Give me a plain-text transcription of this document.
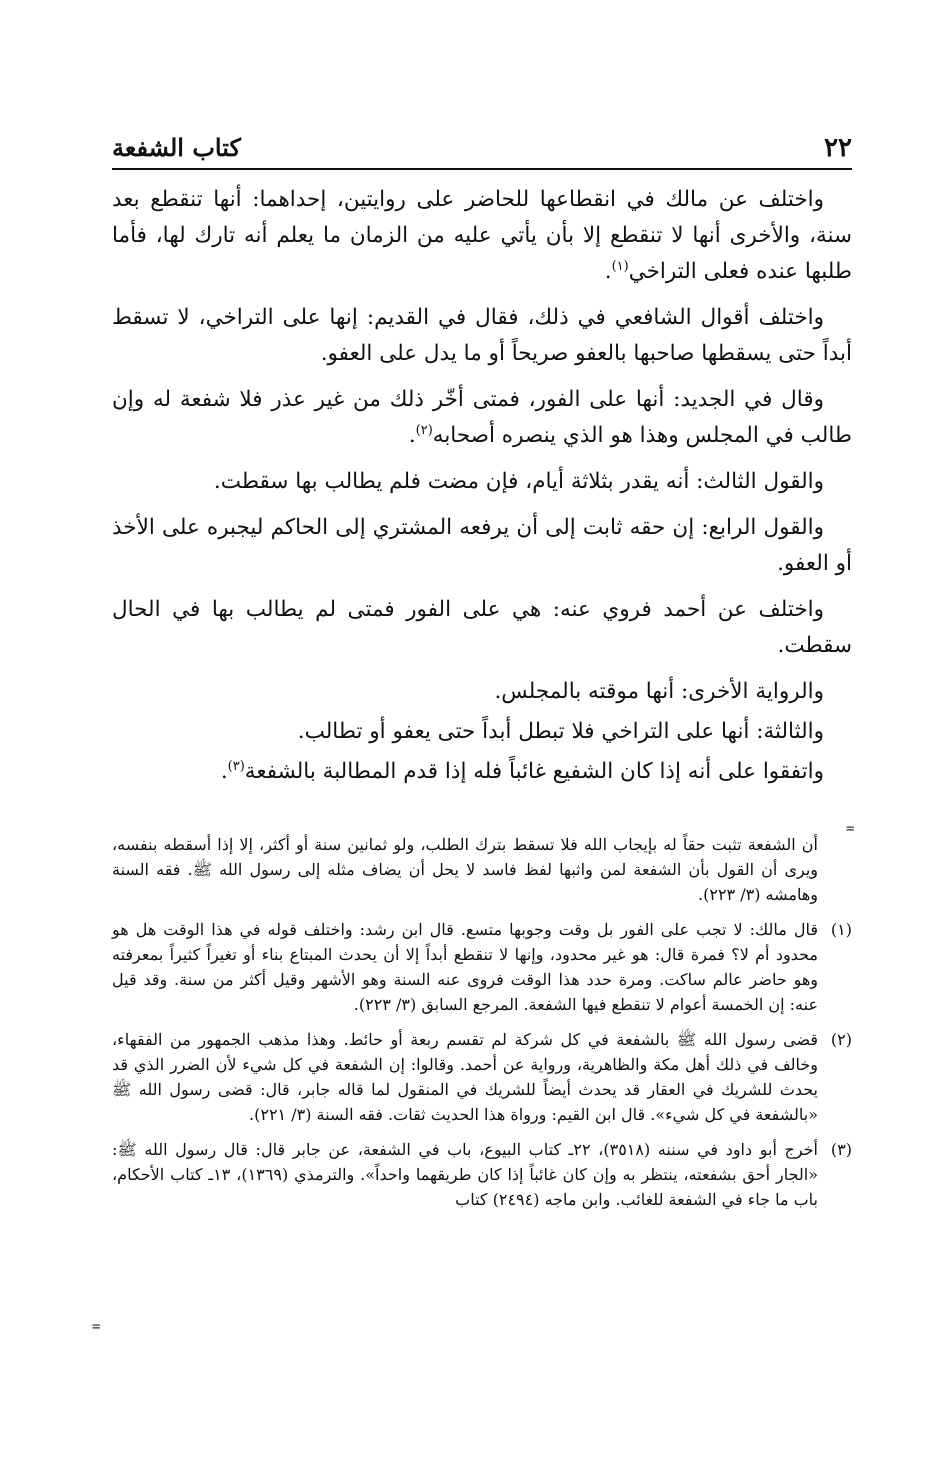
٢٢
كتاب الشفعة

واختلف عن مالك في انقطاعها للحاضر على روايتين، إحداهما: أنها تنقطع بعد سنة، والأخرى أنها لا تنقطع إلا بأن يأتي عليه من الزمان ما يعلم أنه تارك لها، فأما طلبها عنده فعلى التراخي$^{(١)}$.

واختلف أقوال الشافعي في ذلك، فقال في القديم: إنها على التراخي، لا تسقط أبداً حتى يسقطها صاحبها بالعفو صريحاً أو ما يدل على العفو.

وقال في الجديد: أنها على الفور، فمتى أخّر ذلك من غير عذر فلا شفعة له وإن طالب في المجلس وهذا هو الذي ينصره أصحابه$^{(٢)}$.

والقول الثالث: أنه يقدر بثلاثة أيام، فإن مضت فلم يطالب بها سقطت.

والقول الرابع: إن حقه ثابت إلى أن يرفعه المشتري إلى الحاكم ليجبره على الأخذ أو العفو.

واختلف عن أحمد فروي عنه: هي على الفور فمتى لم يطالب بها في الحال سقطت.

والرواية الأخرى: أنها موقته بالمجلس.

والثالثة: أنها على التراخي فلا تبطل أبداً حتى يعفو أو تطالب.

واتفقوا على أنه إذا كان الشفيع غائباً فله إذا قدم المطالبة بالشفعة$^{(٣)}$.

=
أن الشفعة تثبت حقاً له بإيجاب الله فلا تسقط بترك الطلب، ولو ثمانين سنة أو أكثر، إلا إذا أسقطه بنفسه، ويرى أن القول بأن الشفعة لمن واثبها لفظ فاسد لا يحل أن يضاف مثله إلى رسول الله ﷺ. فقه السنة وهامشه (٣/ ٢٢٣).
(١)
قال مالك: لا تجب على الفور بل وقت وجوبها متسع. قال ابن رشد: واختلف قوله في هذا الوقت هل هو محدود أم لا؟ فمرة قال: هو غير محدود، وإنها لا تنقطع أبداً إلا أن يحدث المبتاع بناء أو تغيراً كثيراً بمعرفته وهو حاضر عالم ساكت. ومرة حدد هذا الوقت فروى عنه السنة وهو الأشهر وقيل أكثر من سنة. وقد قيل عنه: إن الخمسة أعوام لا تنقطع فيها الشفعة. المرجع السابق (٣/ ٢٢٣).
(٢)
قضى رسول الله ﷺ بالشفعة في كل شركة لم تقسم ربعة أو حائط. وهذا مذهب الجمهور من الفقهاء، وخالف في ذلك أهل مكة والظاهرية، ورواية عن أحمد. وقالوا: إن الشفعة في كل شيء لأن الضرر الذي قد يحدث للشريك في العقار قد يحدث أيضاً للشريك في المنقول لما قاله جابر، قال: قضى رسول الله ﷺ «بالشفعة في كل شيء». قال ابن القيم: ورواة هذا الحديث ثقات. فقه السنة (٣/ ٢٢١).
(٣)
أخرج أبو داود في سننه (٣٥١٨)، ٢٢ـ كتاب البيوع، باب في الشفعة، عن جابر قال: قال رسول الله ﷺ: «الجار أحق بشفعته، ينتظر به وإن كان غائباً إذا كان طريقهما واحداً». والترمذي (١٣٦٩)، ١٣ـ كتاب الأحكام، باب ما جاء في الشفعة للغائب. وابن ماجه (٢٤٩٤) كتاب
=
